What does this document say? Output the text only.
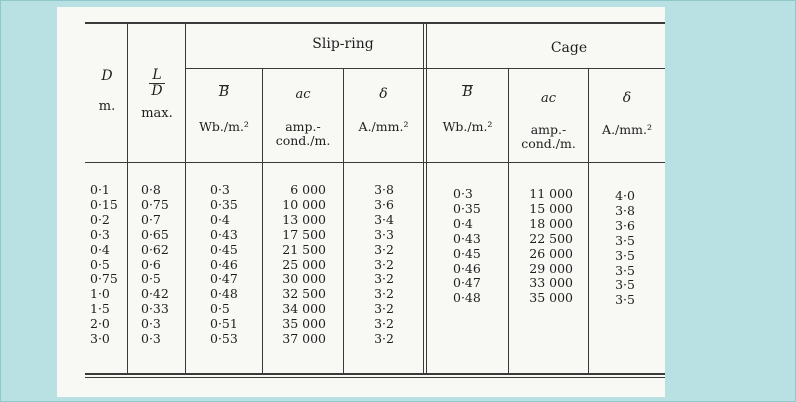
Slip-ring	Cage
D
m.
$\frac{L}{D}$
max.
B
Wb./m.²
ac
amp.-
cond./m.
δ
A./mm.²
B
Wb./m.²
ac
amp.-
cond./m.
δ
A./mm.²
0·1
0·15
0·2
0·3
0·4
0·5
0·75
1·0
1·5
2·0
3·0
0·8
0·75
0·7
0·65
0·62
0·6
0·5
0·42
0·33
0·3
0·3
0·3
0·35
0·4
0·43
0·45
0·46
0·47
0·48
0·5
0·51
0·53
6 000
10 000
13 000
17 500
21 500
25 000
30 000
32 500
34 000
35 000
37 000
3·8
3·6
3·4
3·3
3·2
3·2
3·2
3·2
3·2
3·2
3·2
0·3
0·35
0·4
0·43
0·45
0·46
0·47
0·48
11 000
15 000
18 000
22 500
26 000
29 000
33 000
35 000
4·0
3·8
3·6
3·5
3·5
3·5
3·5
3·5
